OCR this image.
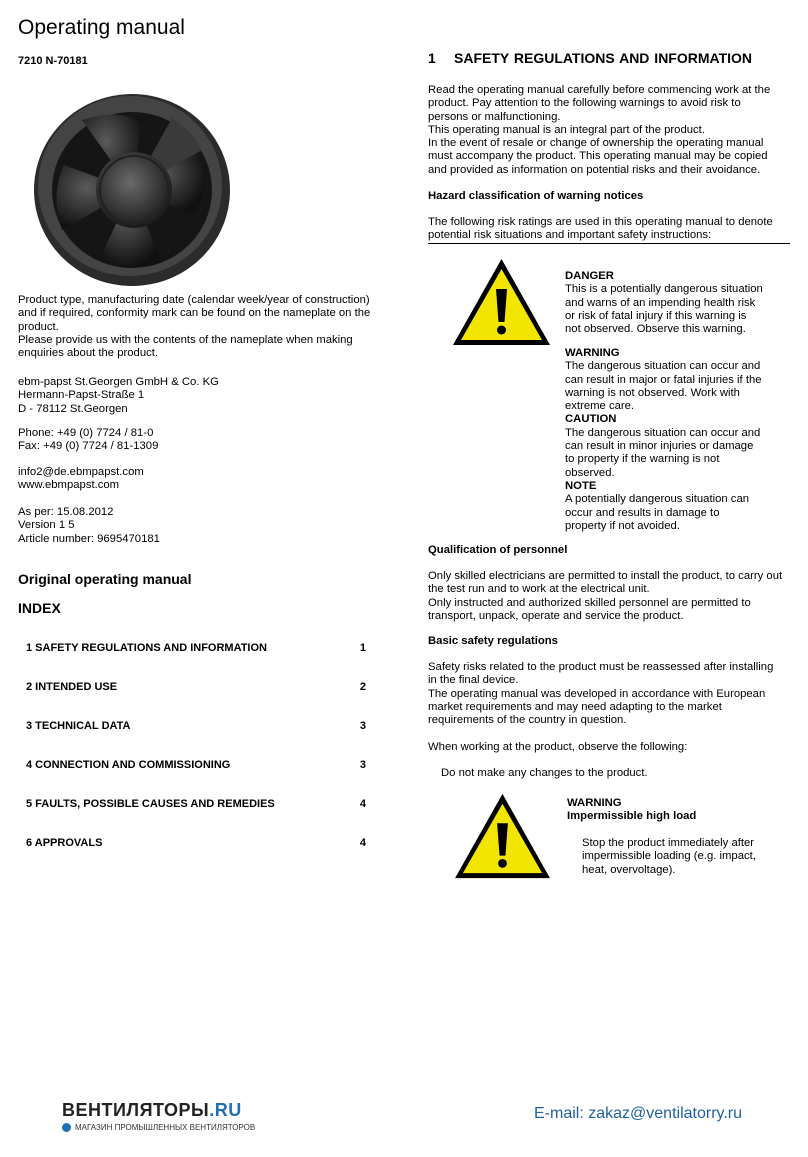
Operating manual
7210 N-70181

Product type, manufacturing date (calendar week/year of construction)

and if required, conformity mark can be found on the nameplate on the

product.

Please provide us with the contents of the nameplate when making

enquiries about the product.

ebm-papst St.Georgen GmbH & Co. KG

Hermann-Papst-Straße 1

D - 78112 St.Georgen

Phone: +49 (0) 7724 / 81-0

Fax: +49 (0) 7724 / 81-1309

info2@de.ebmpapst.com

www.ebmpapst.com

As per: 15.08.2012

Version 1 5

Article number: 9695470181

Original operating manual
INDEX
1 SAFETY REGULATIONS AND INFORMATION	1
2 INTENDED USE	2
3 TECHNICAL DATA	3
4 CONNECTION AND COMMISSIONING	3
5 FAULTS, POSSIBLE CAUSES AND REMEDIES	4
6 APPROVALS	4
1 SAFETY REGULATIONS AND INFORMATION

Read the operating manual carefully before commencing work at the

product. Pay attention to the following warnings to avoid risk to

persons or malfunctioning.

This operating manual is an integral part of the product.

In the event of resale or change of ownership the operating manual

must accompany the product. This operating manual may be copied

and provided as information on potential risks and their avoidance.

Hazard classification of warning notices

The following risk ratings are used in this operating manual to denote

potential risk situations and important safety instructions:

DANGER

This is a potentially dangerous situation

and warns of an impending health risk

or risk of fatal injury if this warning is

not observed. Observe this warning.

WARNING

The dangerous situation can occur and

can result in major or fatal injuries if the

warning is not observed. Work with

extreme care.

CAUTION

The dangerous situation can occur and

can result in minor injuries or damage

to property if the warning is not

observed.

NOTE

A potentially dangerous situation can

occur and results in damage to

property if not avoided.

Qualification of personnel

Only skilled electricians are permitted to install the product, to carry out

the test run and to work at the electrical unit.

Only instructed and authorized skilled personnel are permitted to

transport, unpack, operate and service the product.

Basic safety regulations

Safety risks related to the product must be reassessed after installing

in the final device.

The operating manual was developed in accordance with European

market requirements and may need adapting to the market

requirements of the country in question.

When working at the product, observe the following:
Do not make any changes to the product.

WARNING

Impermissible high load

Stop the product immediately after

impermissible loading (e.g. impact,

heat, overvoltage).

ВЕНТИЛЯТОРЫ.RU
МАГАЗИН ПРОМЫШЛЕННЫХ ВЕНТИЛЯТОРОВ
E-mail: zakaz@ventilatorry.ru
